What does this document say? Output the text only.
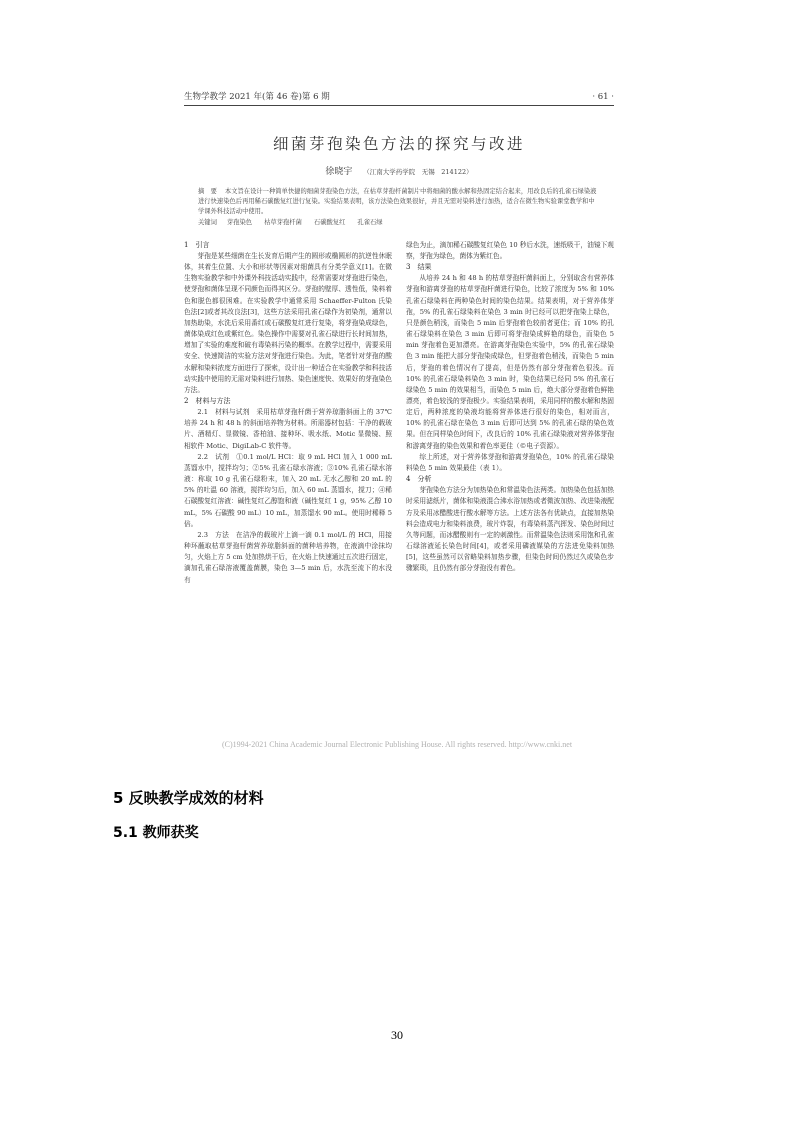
生物学教学 2021 年(第 46 卷)第 6 期	· 61 ·
细菌芽孢染色方法的探究与改进
徐晓宇 （江南大学药学院　无锡　214122）
摘　要 本文旨在设计一种简单快捷的细菌芽孢染色方法，在枯草芽孢杆菌制片中将细菌的酸水解和热固定结合起来，用改良后的孔雀石绿染液进行快速染色后再用稀石碳酸复红进行复染。实验结果表明，该方法染色效果很好，并且无需对染料进行加热，适合在微生物实验课堂教学和中学课外科技活动中使用。
关键词 芽孢染色 枯草芽孢杆菌 石碳酸复红 孔雀石绿
1　引言

芽孢是某些细菌在生长发育后期产生的圆形或椭圆形的抗逆性休眠体，其着生位置、大小和形状等因素对细菌具有分类学意义[1]。在微生物实验教学和中外课外科技活动实践中，经常需要对芽孢进行染色，使芽孢和菌体呈现不同颜色而得其区分。芽孢的壁厚、透性低，染料着色和脱色都很困难。在实验教学中通常采用 Schaeffer-Fulton 氏染色法[2]或者其改良法[3]，这些方法采用孔雀石绿作为初染剂，通常以加热助染，水洗后采用番红或石碳酸复红进行复染，将芽孢染成绿色，菌体染成红色或紫红色。染色操作中需要对孔雀石绿进行长时间加热，增加了实验的难度和破有毒染料污染的概率。在教学过程中，需要采用安全、快速简洁的实验方法对芽孢进行染色。为此，笔者针对芽孢的酸水解和染料浓度方面进行了探索，设计出一种适合在实验教学和科技活动实践中使用的无需对染料进行加热、染色速度快、效果好的芽孢染色方法。

2　材料与方法

2.1　材料与试剂　采用枯草芽孢杆菌于营养琼脂斜面上的 37℃ 培养 24 h 和 48 h 的斜面培养物为材料。所需器材包括：干净的载玻片、酒精灯、显微镜、香柏油、接种环、吸水纸、Motic 显微镜、照相软件 Motic、DigiLab-C 软件等。

2.2　试剂　①0.1 mol/L HCl：取 9 mL HCl 加入 1 000 mL 蒸馏水中，搅拌均匀；②5% 孔雀石绿水溶液；③10% 孔雀石绿水溶液：称取 10 g 孔雀石绿粉末，加入 20 mL 无水乙醇和 20 mL 的 5% 的吐温 60 溶液，搅拌均匀后，加入 60 mL 蒸馏水，搅刀；④稀石碳酸复红溶液：碱性复红乙醇饱和液（碱性复红 1 g，95% 乙醇 10 mL，5% 石碳酸 90 mL）10 mL，加蒸馏水 90 mL。使用时稀释 5 倍。

2.3　方法　在洁净的载玻片上滴一滴 0.1 mol/L 的 HCl，用接种环蘸取枯草芽孢杆菌营养琼脂斜面的菌种培养物，在液滴中涂抹均匀，火焰上方 5 cm 处加热烘干后，在火焰上快速通过五次进行固定，滴加孔雀石绿溶液覆盖菌膜，染色 3—5 min 后，水洗至流下的水没有

绿色为止，滴加稀石碳酸复红染色 10 秒后水洗，速纸吸干，油镜下观察，芽孢为绿色，菌体为紫红色。

3　结果

从培养 24 h 和 48 h 的枯草芽孢杆菌斜面上，分别取含有营养体芽孢和游离芽孢的枯草芽孢杆菌进行染色，比较了浓度为 5% 和 10% 孔雀石绿染料在两种染色时间的染色结果。结果表明，对于营养体芽孢，5% 的孔雀石绿染料在染色 3 min 时已经可以把芽孢染上绿色，只是颜色稍浅，而染色 5 min 后芽孢着色较前者更佳；而 10% 的孔雀石绿染料在染色 3 min 后即可将芽孢染成鲜艳的绿色，而染色 5 min 芽孢着色更加漂亮。在游离芽孢染色实验中，5% 的孔雀石绿染色 3 min 能把大部分芽孢染成绿色，但芽孢着色稍浅，而染色 5 min 后，芽孢的着色情况有了提高，但是仍然有部分芽孢着色很浅。而 10% 的孔雀石绿染料染色 3 min 时，染色结果已经同 5% 的孔雀石绿染色 5 min 的效果相当，而染色 5 min 后，绝大部分芽孢着色鲜艳漂亮，着色较浅的芽孢极少。实验结果表明，采用同样的酸水解和热固定后，两种浓度的染液均能将营养体进行很好的染色，相对而言，10% 的孔雀石绿在染色 3 min 后即可达到 5% 的孔雀石绿的染色效果。但在同样染色时间下，改良后的 10% 孔雀石绿染液对营养体芽孢和游离芽孢的染色效果和着色率更佳（©电子资源）。

综上所述，对于营养体芽孢和游离芽孢染色，10% 的孔雀石绿染料染色 5 min 效果最佳（表 1）。

4　分析

芽孢染色方法分为加热染色和常温染色法两类。加热染色包括加热时采用滤纸片，菌体和染液混合沸水浴加热或者微波加热、改进染液配方及采用冰醋酸进行酸水解等方法。上述方法各有优缺点，直接加热染料会造成电力和染料浪费，玻片炸裂，有毒染料蒸汽挥发、染色时间过久等问题，而冰醋酸则有一定的刺激性。而常温染色法则采用饱和孔雀石绿溶液延长染色时间[4]，或者采用磷液媒染的方法进免染料加热[5]，这些虽然可以省略染料加热步骤，但染色时间仍然过久或染色步骤繁琐，且仍然有部分芽孢没有着色。

(C)1994-2021 China Academic Journal Electronic Publishing House. All rights reserved. http://www.cnki.net
5 反映教学成效的材料
5.1 教师获奖
30
